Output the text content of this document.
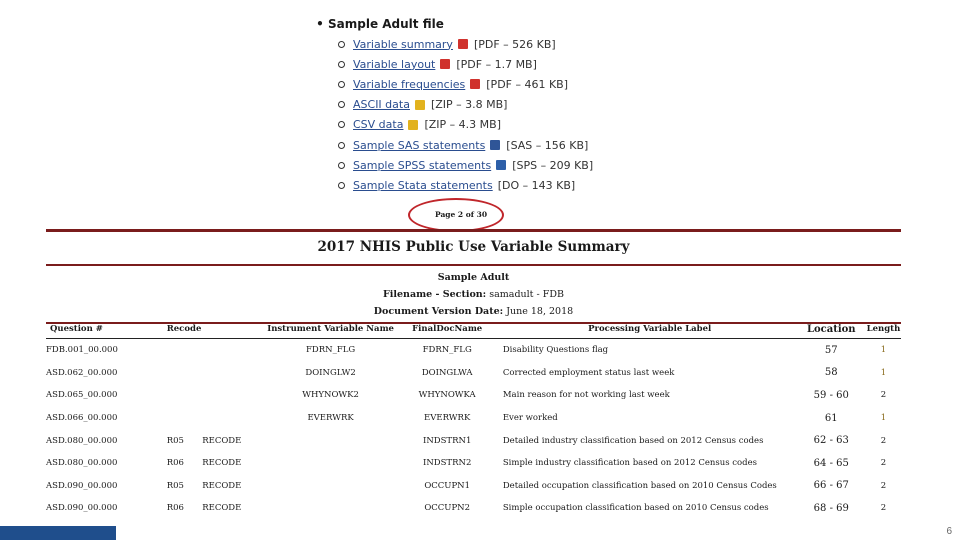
• Sample Adult file
Variable summary [PDF – 526 KB]
Variable layout [PDF – 1.7 MB]
Variable frequencies [PDF – 461 KB]
ASCII data [ZIP – 3.8 MB]
CSV data [ZIP – 4.3 MB]
Sample SAS statements [SAS – 156 KB]
Sample SPSS statements [SPS – 209 KB]
Sample Stata statements [DO – 143 KB]
Page 2 of 30
2017 NHIS Public Use Variable Summary
Sample Adult
Filename - Section: samadult - FDB
Document Version Date: June 18, 2018
Question #	Recode		Instrument Variable Name	FinalDocName	Processing Variable Label	Location	Length
FDB.001_00.000			FDRN_FLG	FDRN_FLG	Disability Questions flag	57	1
ASD.062_00.000			DOINGLW2	DOINGLWA	Corrected employment status last week	58	1
ASD.065_00.000			WHYNOWK2	WHYNOWKA	Main reason for not working last week	59 - 60	2
ASD.066_00.000			EVERWRK	EVERWRK	Ever worked	61	1
ASD.080_00.000	R05	RECODE		INDSTRN1	Detailed industry classification based on 2012 Census codes	62 - 63	2
ASD.080_00.000	R06	RECODE		INDSTRN2	Simple industry classification based on 2012 Census codes	64 - 65	2
ASD.090_00.000	R05	RECODE		OCCUPN1	Detailed occupation classification based on 2010 Census Codes	66 - 67	2
ASD.090_00.000	R06	RECODE		OCCUPN2	Simple occupation classification based on 2010 Census codes	68 - 69	2
6
